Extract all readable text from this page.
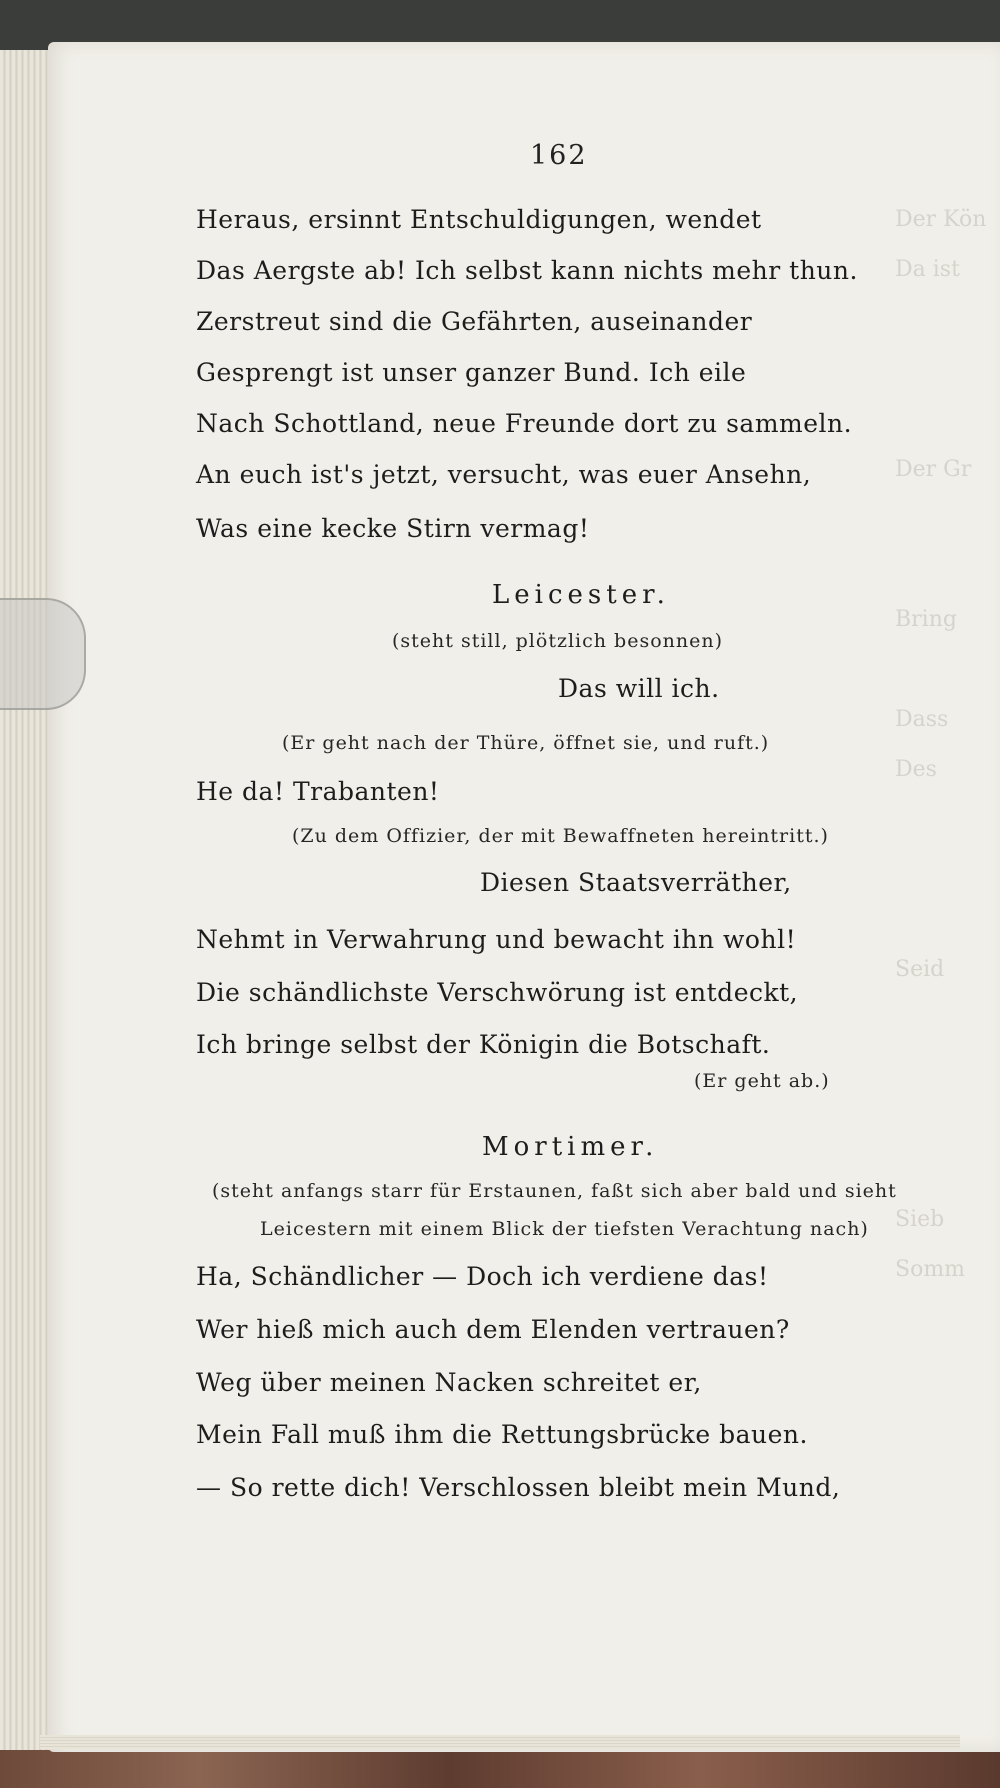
Der Kön
Da ist

Der Gr

Bring

Dass
Des

Seid

Sieb
Somm
162
Heraus, ersinnt Entschuldigungen, wendet
Das Aergste ab! Ich selbst kann nichts mehr thun.
Zerstreut sind die Gefährten, auseinander
Gesprengt ist unser ganzer Bund. Ich eile
Nach Schottland, neue Freunde dort zu sammeln.
An euch ist's jetzt, versucht, was euer Ansehn,
Was eine kecke Stirn vermag!
Leicester.
(steht still, plötzlich besonnen)
Das will ich.
(Er geht nach der Thüre, öffnet sie, und ruft.)
He da! Trabanten!
(Zu dem Offizier, der mit Bewaffneten hereintritt.)
Diesen Staatsverräther,
Nehmt in Verwahrung und bewacht ihn wohl!
Die schändlichste Verschwörung ist entdeckt,
Ich bringe selbst der Königin die Botschaft.
(Er geht ab.)
Mortimer.
(steht anfangs starr für Erstaunen, faßt sich aber bald und sieht
Leicestern mit einem Blick der tiefsten Verachtung nach)
Ha, Schändlicher — Doch ich verdiene das!
Wer hieß mich auch dem Elenden vertrauen?
Weg über meinen Nacken schreitet er,
Mein Fall muß ihm die Rettungsbrücke bauen.
— So rette dich! Verschlossen bleibt mein Mund,
